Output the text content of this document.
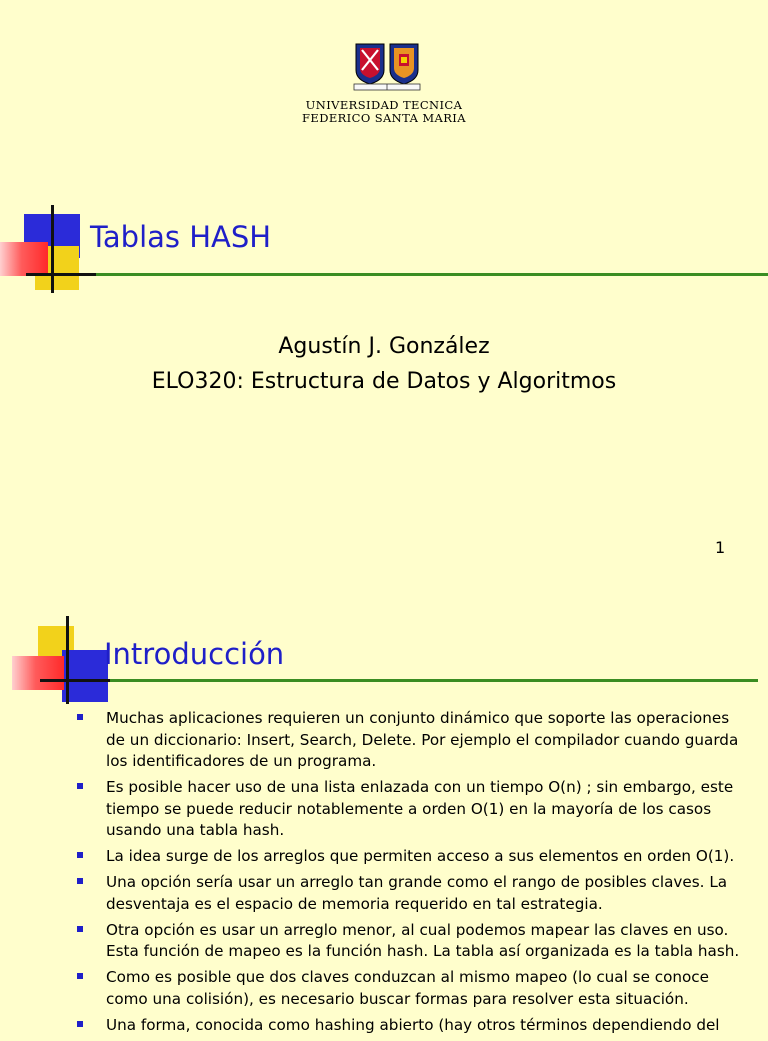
UNIVERSIDAD TECNICA
FEDERICO SANTA MARIA
Tablas HASH
Agustín J. González
ELO320: Estructura de Datos y Algoritmos
1
Introducción
Muchas aplicaciones requieren un conjunto dinámico que soporte las operaciones de un diccionario: Insert, Search, Delete. Por ejemplo el compilador cuando guarda los identificadores de un programa.
Es posible hacer uso de una lista enlazada con un tiempo O(n) ; sin embargo, este tiempo se puede reducir notablemente a orden O(1) en la mayoría de los casos usando una tabla hash.
La idea surge de los arreglos que permiten acceso a sus elementos en orden O(1).
Una opción sería usar un arreglo tan grande como el rango de posibles claves. La desventaja es el espacio de memoria requerido en tal estrategia.
Otra opción es usar un arreglo menor, al cual podemos mapear las claves en uso. Esta función de mapeo es la función hash. La tabla así organizada es la tabla hash.
Como es posible que dos claves conduzcan al mismo mapeo (lo cual se conoce como una colisión), es necesario buscar formas para resolver esta situación.
Una forma, conocida como hashing abierto (hay otros términos dependiendo del
